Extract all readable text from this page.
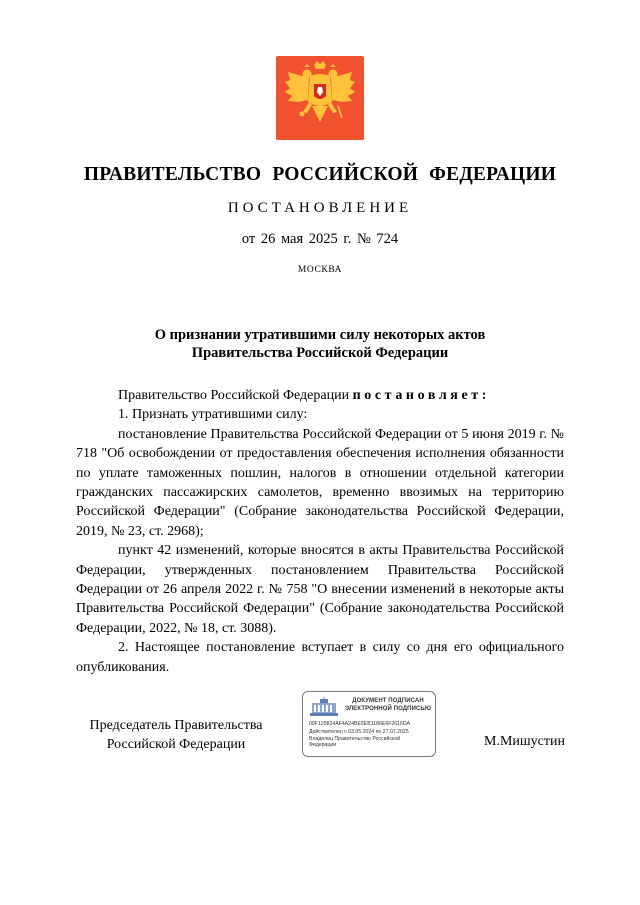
ПРАВИТЕЛЬСТВО РОССИЙСКОЙ ФЕДЕРАЦИИ
ПОСТАНОВЛЕНИЕ
от 26 мая 2025 г. № 724
МОСКВА
О признании утратившими силу некоторых актов
Правительства Российской Федерации

Правительство Российской Федерации постановляет:

1. Признать утратившими силу:

постановление Правительства Российской Федерации от 5 июня 2019 г. № 718 "Об освобождении от предоставления обеспечения исполнения обязанности по уплате таможенных пошлин, налогов в отношении отдельной категории гражданских пассажирских самолетов, временно ввозимых на территорию Российской Федерации" (Собрание законодательства Российской Федерации, 2019, № 23, ст. 2968);

пункт 42 изменений, которые вносятся в акты Правительства Российской Федерации, утвержденных постановлением Правительства Российской Федерации от 26 апреля 2022 г. № 758 "О внесении изменений в некоторые акты Правительства Российской Федерации" (Собрание законодательства Российской Федерации, 2022, № 18, ст. 3088).

2. Настоящее постановление вступает в силу со дня его официального опубликования.

Председатель Правительства
Российской Федерации
ДОКУМЕНТ ПОДПИСАН
ЭЛЕКТРОННОЙ ПОДПИСЬЮ
00F129824AF4A24BE5EB1186E6F2616DA
Действителен с 03.05.2024 по 27.07.2025
Владелец Правительство Российской
Федерации	М.Мишустин
